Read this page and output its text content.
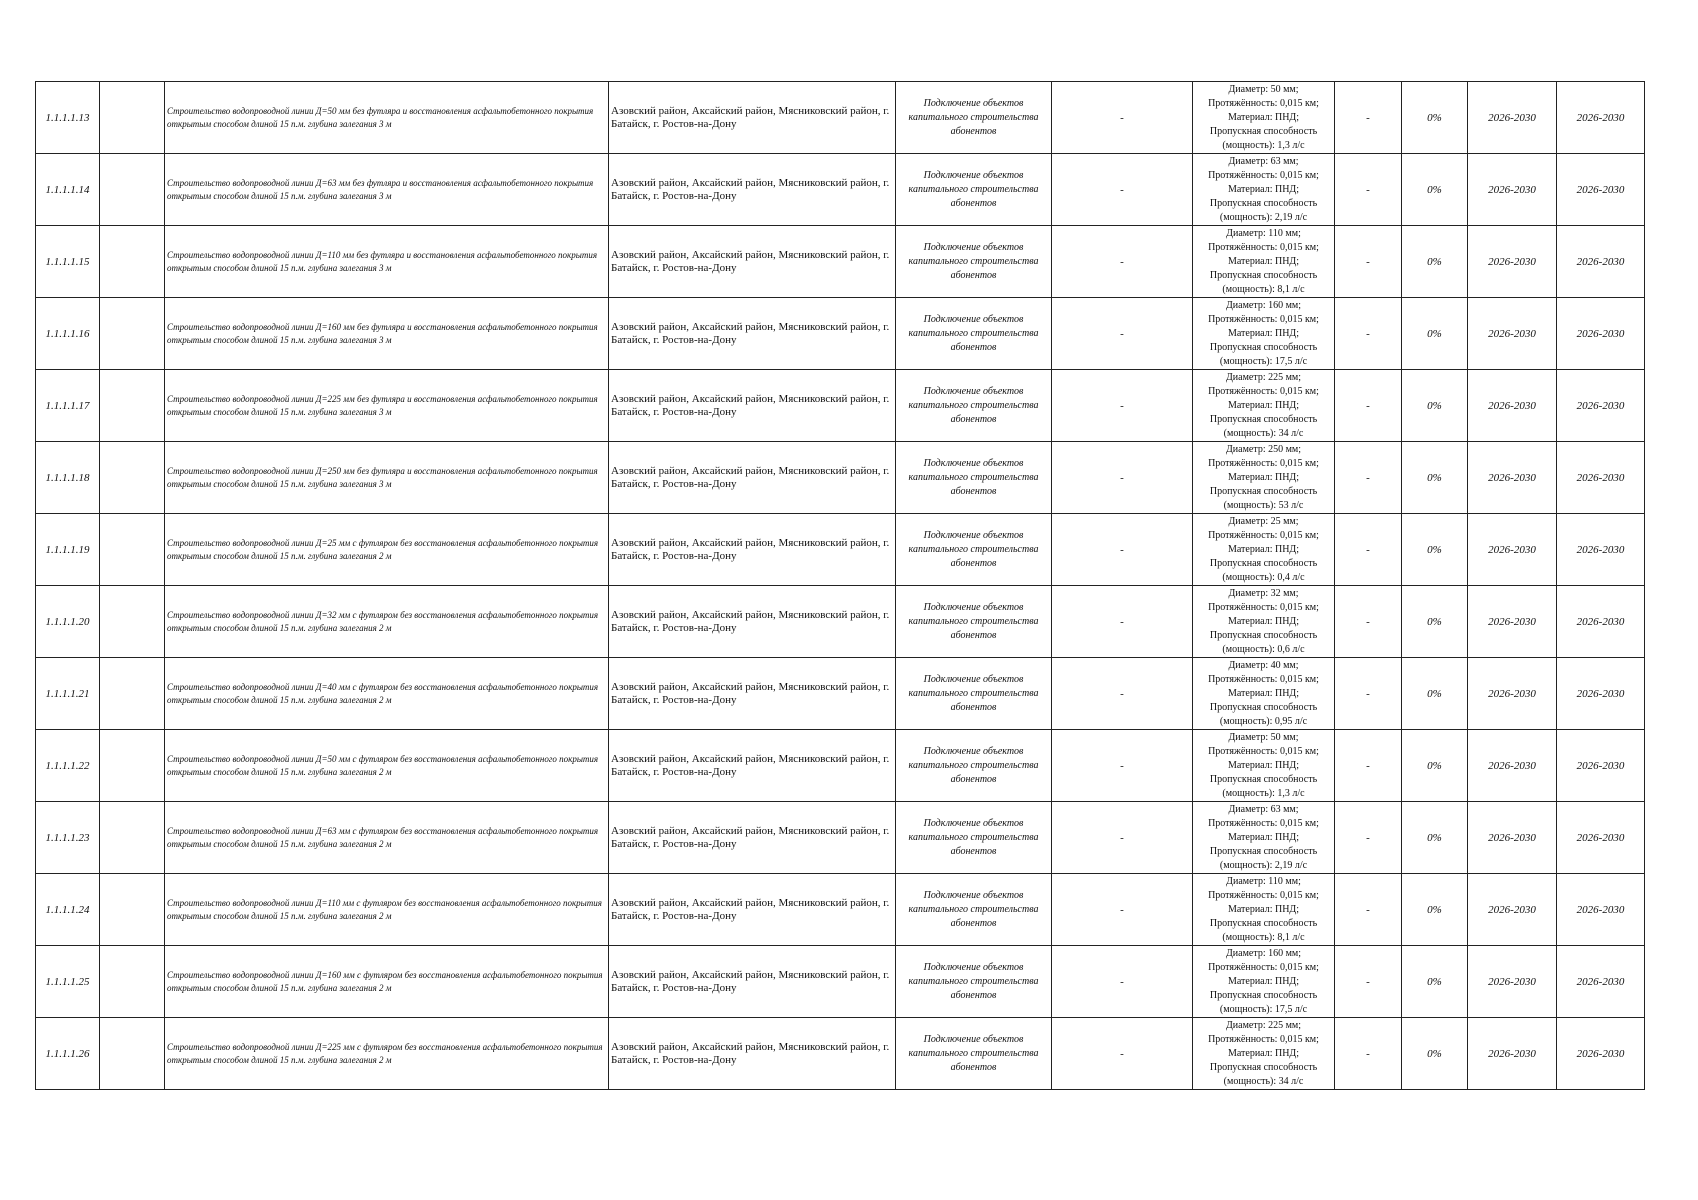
1.1.1.1.13		Строительство водопроводной линии Д=50 мм без футляра и восстановления асфальтобетонного покрытия открытым способом длиной 15 п.м. глубина залегания 3 м	Азовский район, Аксайский район, Мясниковский район, г. Батайск, г. Ростов-на-Дону	Подключение объектов капитального строительства абонентов	-	Диаметр: 50 мм;
Протяжённость: 0,015 км;
Материал: ПНД;
Пропускная способность
(мощность): 1,3 л/с	-	0%	2026-2030	2026-2030
1.1.1.1.14		Строительство водопроводной линии Д=63 мм без футляра и восстановления асфальтобетонного покрытия открытым способом длиной 15 п.м. глубина залегания 3 м	Азовский район, Аксайский район, Мясниковский район, г. Батайск, г. Ростов-на-Дону	Подключение объектов капитального строительства абонентов	-	Диаметр: 63 мм;
Протяжённость: 0,015 км;
Материал: ПНД;
Пропускная способность
(мощность): 2,19 л/с	-	0%	2026-2030	2026-2030
1.1.1.1.15		Строительство водопроводной линии Д=110 мм без футляра и восстановления асфальтобетонного покрытия открытым способом длиной 15 п.м. глубина залегания 3 м	Азовский район, Аксайский район, Мясниковский район, г. Батайск, г. Ростов-на-Дону	Подключение объектов капитального строительства абонентов	-	Диаметр: 110 мм;
Протяжённость: 0,015 км;
Материал: ПНД;
Пропускная способность
(мощность): 8,1 л/с	-	0%	2026-2030	2026-2030
1.1.1.1.16		Строительство водопроводной линии Д=160 мм без футляра и восстановления асфальтобетонного покрытия открытым способом длиной 15 п.м. глубина залегания 3 м	Азовский район, Аксайский район, Мясниковский район, г. Батайск, г. Ростов-на-Дону	Подключение объектов капитального строительства абонентов	-	Диаметр: 160 мм;
Протяжённость: 0,015 км;
Материал: ПНД;
Пропускная способность
(мощность): 17,5 л/с	-	0%	2026-2030	2026-2030
1.1.1.1.17		Строительство водопроводной линии Д=225 мм без футляра и восстановления асфальтобетонного покрытия открытым способом длиной 15 п.м. глубина залегания 3 м	Азовский район, Аксайский район, Мясниковский район, г. Батайск, г. Ростов-на-Дону	Подключение объектов капитального строительства абонентов	-	Диаметр: 225 мм;
Протяжённость: 0,015 км;
Материал: ПНД;
Пропускная способность
(мощность): 34 л/с	-	0%	2026-2030	2026-2030
1.1.1.1.18		Строительство водопроводной линии Д=250 мм без футляра и восстановления асфальтобетонного покрытия открытым способом длиной 15 п.м. глубина залегания 3 м	Азовский район, Аксайский район, Мясниковский район, г. Батайск, г. Ростов-на-Дону	Подключение объектов капитального строительства абонентов	-	Диаметр: 250 мм;
Протяжённость: 0,015 км;
Материал: ПНД;
Пропускная способность
(мощность): 53 л/с	-	0%	2026-2030	2026-2030
1.1.1.1.19		Строительство водопроводной линии Д=25 мм с футляром без восстановления асфальтобетонного покрытия открытым способом длиной 15 п.м. глубина залегания 2 м	Азовский район, Аксайский район, Мясниковский район, г. Батайск, г. Ростов-на-Дону	Подключение объектов капитального строительства абонентов	-	Диаметр: 25 мм;
Протяжённость: 0,015 км;
Материал: ПНД;
Пропускная способность
(мощность): 0,4 л/с	-	0%	2026-2030	2026-2030
1.1.1.1.20		Строительство водопроводной линии Д=32 мм с футляром без восстановления асфальтобетонного покрытия открытым способом длиной 15 п.м. глубина залегания 2 м	Азовский район, Аксайский район, Мясниковский район, г. Батайск, г. Ростов-на-Дону	Подключение объектов капитального строительства абонентов	-	Диаметр: 32 мм;
Протяжённость: 0,015 км;
Материал: ПНД;
Пропускная способность
(мощность): 0,6 л/с	-	0%	2026-2030	2026-2030
1.1.1.1.21		Строительство водопроводной линии Д=40 мм с футляром без восстановления асфальтобетонного покрытия открытым способом длиной 15 п.м. глубина залегания 2 м	Азовский район, Аксайский район, Мясниковский район, г. Батайск, г. Ростов-на-Дону	Подключение объектов капитального строительства абонентов	-	Диаметр: 40 мм;
Протяжённость: 0,015 км;
Материал: ПНД;
Пропускная способность
(мощность): 0,95 л/с	-	0%	2026-2030	2026-2030
1.1.1.1.22		Строительство водопроводной линии Д=50 мм с футляром без восстановления асфальтобетонного покрытия открытым способом длиной 15 п.м. глубина залегания 2 м	Азовский район, Аксайский район, Мясниковский район, г. Батайск, г. Ростов-на-Дону	Подключение объектов капитального строительства абонентов	-	Диаметр: 50 мм;
Протяжённость: 0,015 км;
Материал: ПНД;
Пропускная способность
(мощность): 1,3 л/с	-	0%	2026-2030	2026-2030
1.1.1.1.23		Строительство водопроводной линии Д=63 мм с футляром без восстановления асфальтобетонного покрытия открытым способом длиной 15 п.м. глубина залегания 2 м	Азовский район, Аксайский район, Мясниковский район, г. Батайск, г. Ростов-на-Дону	Подключение объектов капитального строительства абонентов	-	Диаметр: 63 мм;
Протяжённость: 0,015 км;
Материал: ПНД;
Пропускная способность
(мощность): 2,19 л/с	-	0%	2026-2030	2026-2030
1.1.1.1.24		Строительство водопроводной линии Д=110 мм с футляром без восстановления асфальтобетонного покрытия открытым способом длиной 15 п.м. глубина залегания 2 м	Азовский район, Аксайский район, Мясниковский район, г. Батайск, г. Ростов-на-Дону	Подключение объектов капитального строительства абонентов	-	Диаметр: 110 мм;
Протяжённость: 0,015 км;
Материал: ПНД;
Пропускная способность
(мощность): 8,1 л/с	-	0%	2026-2030	2026-2030
1.1.1.1.25		Строительство водопроводной линии Д=160 мм с футляром без восстановления асфальтобетонного покрытия открытым способом длиной 15 п.м. глубина залегания 2 м	Азовский район, Аксайский район, Мясниковский район, г. Батайск, г. Ростов-на-Дону	Подключение объектов капитального строительства абонентов	-	Диаметр: 160 мм;
Протяжённость: 0,015 км;
Материал: ПНД;
Пропускная способность
(мощность): 17,5 л/с	-	0%	2026-2030	2026-2030
1.1.1.1.26		Строительство водопроводной линии Д=225 мм с футляром без восстановления асфальтобетонного покрытия открытым способом длиной 15 п.м. глубина залегания 2 м	Азовский район, Аксайский район, Мясниковский район, г. Батайск, г. Ростов-на-Дону	Подключение объектов капитального строительства абонентов	-	Диаметр: 225 мм;
Протяжённость: 0,015 км;
Материал: ПНД;
Пропускная способность
(мощность): 34 л/с	-	0%	2026-2030	2026-2030
